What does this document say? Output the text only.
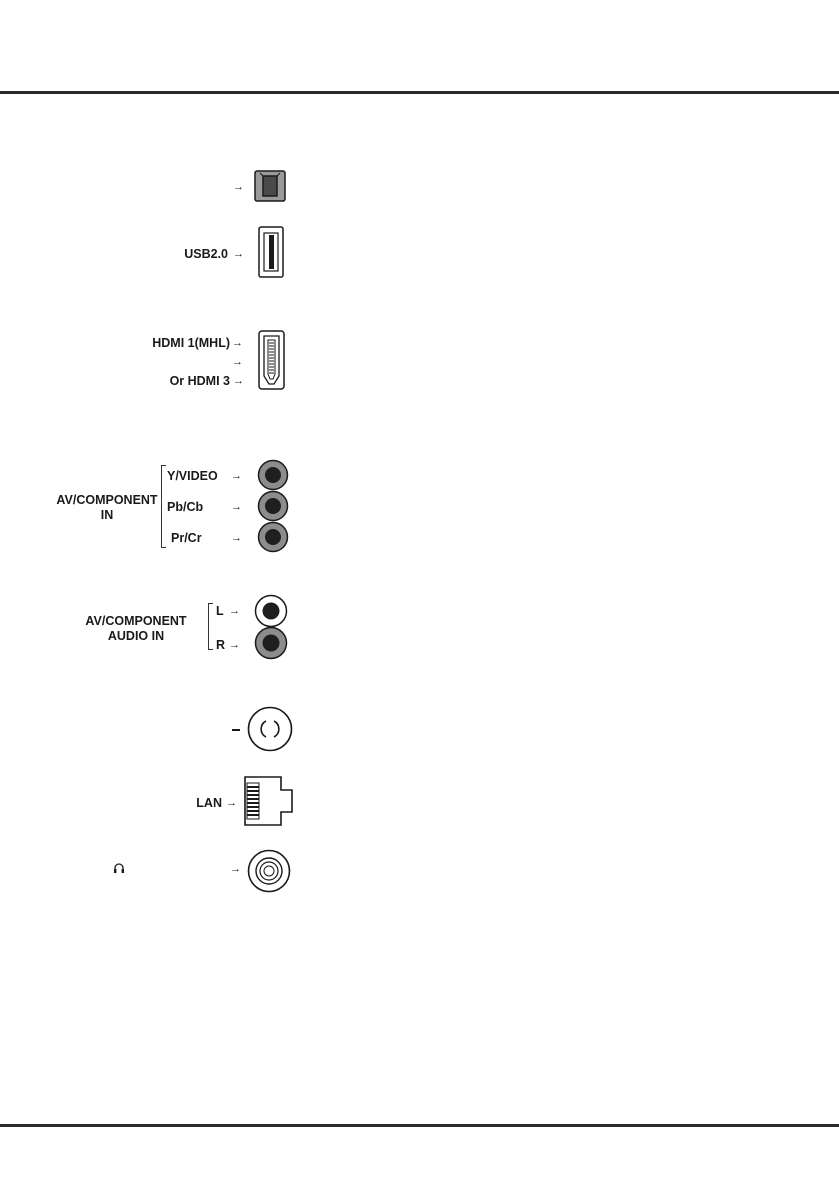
→
USB2.0 →
HDMI 1(MHL) →
→
Or HDMI 3 →
AV/COMPONENT
IN
Y/VIDEO →
Pb/Cb	→
Pr/Cr	→
AV/COMPONENT
AUDIO IN
L →
R →
LAN →
→
